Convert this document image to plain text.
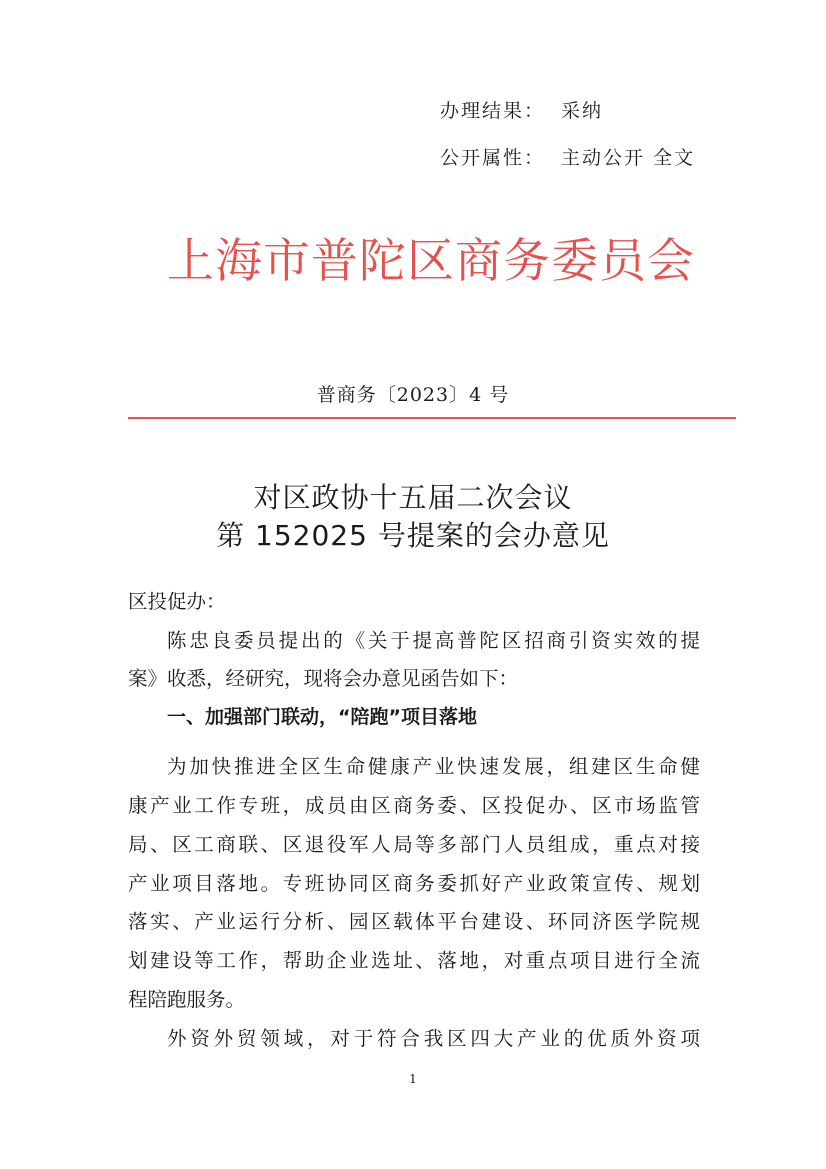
办理结果： 采纳
公开属性： 主动公开 全文
上海市普陀区商务委员会
普商务〔2023〕4 号
对区政协十五届二次会议
第 152025 号提案的会办意见
区投促办：
陈忠良委员提出的《关于提高普陀区招商引资实效的提
案》收悉，经研究，现将会办意见函告如下：
一、加强部门联动，“陪跑”项目落地
为加快推进全区生命健康产业快速发展，组建区生命健
康产业工作专班，成员由区商务委、区投促办、区市场监管
局、区工商联、区退役军人局等多部门人员组成，重点对接
产业项目落地。专班协同区商务委抓好产业政策宣传、规划
落实、产业运行分析、园区载体平台建设、环同济医学院规
划建设等工作，帮助企业选址、落地，对重点项目进行全流
程陪跑服务。
外资外贸领域，对于符合我区四大产业的优质外资项
1
